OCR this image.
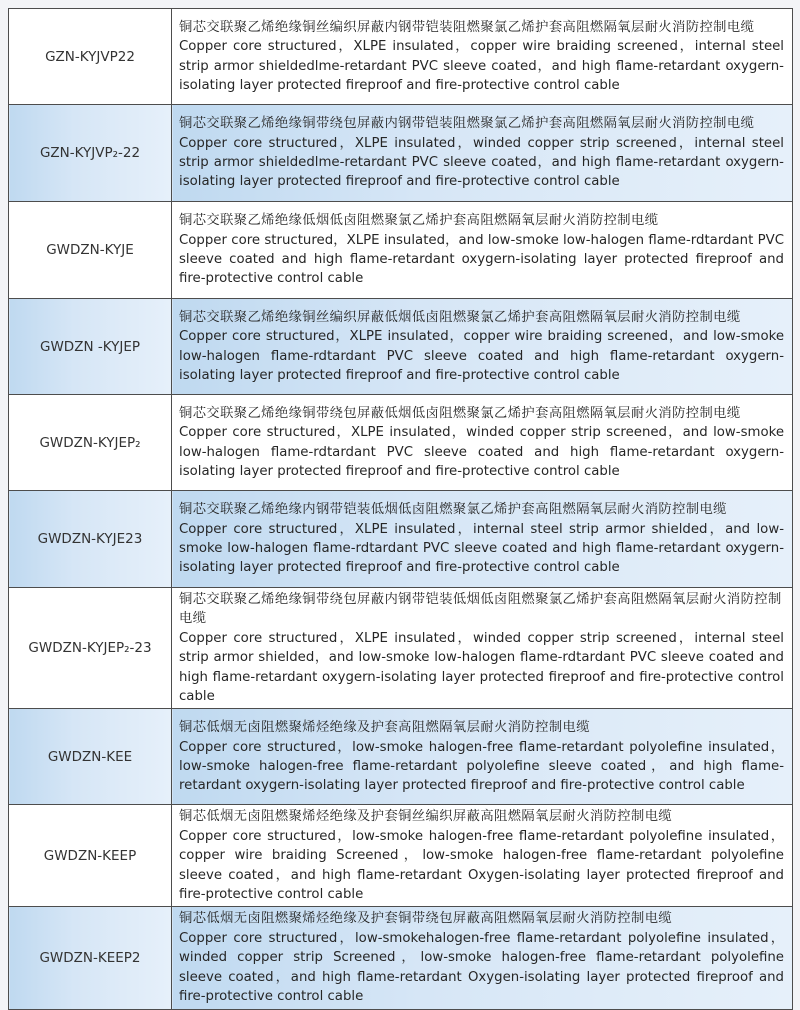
GZN-KYJVP22	铜芯交联聚乙烯绝缘铜丝编织屏蔽内钢带铠装阻燃聚氯乙烯护套高阻燃隔氧层耐火消防控制电缆
Copper core structured，XLPE insulated，copper wire braiding screened，internal steel strip armor shieldedlme-retardant PVC sleeve coated，and high flame-retardant oxygern-isolating layer protected fireproof and fire-protective control cable

GZN-KYJVP₂-22	铜芯交联聚乙烯绝缘铜带绕包屏蔽内钢带铠装阻燃聚氯乙烯护套高阻燃隔氧层耐火消防控制电缆
Copper core structured，XLPE insulated，winded copper strip screened，internal steel strip armor shieldedlme-retardant PVC sleeve coated，and high flame-retardant oxygern-isolating layer protected fireproof and fire-protective control cable

GWDZN-KYJE	铜芯交联聚乙烯绝缘低烟低卤阻燃聚氯乙烯护套高阻燃隔氧层耐火消防控制电缆
Copper core structured，XLPE insulated，and low-smoke low-halogen flame-rdtardant PVC sleeve coated and high flame-retardant oxygern-isolating layer protected fireproof and fire-protective control cable

GWDZN -KYJEP	铜芯交联聚乙烯绝缘铜丝编织屏蔽低烟低卤阻燃聚氯乙烯护套高阻燃隔氧层耐火消防控制电缆
Copper core structured，XLPE insulated，copper wire braiding screened，and low-smoke low-halogen flame-rdtardant PVC sleeve coated and high flame-retardant oxygern-isolating layer protected fireproof and fire-protective control cable

GWDZN-KYJEP₂	铜芯交联聚乙烯绝缘铜带绕包屏蔽低烟低卤阻燃聚氯乙烯护套高阻燃隔氧层耐火消防控制电缆
Copper core structured，XLPE insulated，winded copper strip screened，and low-smoke low-halogen flame-rdtardant PVC sleeve coated and high flame-retardant oxygern-isolating layer protected fireproof and fire-protective control cable

GWDZN-KYJE23	铜芯交联聚乙烯绝缘内钢带铠装低烟低卤阻燃聚氯乙烯护套高阻燃隔氧层耐火消防控制电缆
Copper core structured，XLPE insulated，internal steel strip armor shielded，and low-smoke low-halogen flame-rdtardant PVC sleeve coated and high flame-retardant oxygern-isolating layer protected fireproof and fire-protective control cable

GWDZN-KYJEP₂-23	铜芯交联聚乙烯绝缘铜带绕包屏蔽内钢带铠装低烟低卤阻燃聚氯乙烯护套高阻燃隔氧层耐火消防控制电缆
Copper core structured，XLPE insulated，winded copper strip screened，internal steel strip armor shielded，and low-smoke low-halogen flame-rdtardant PVC sleeve coated and high flame-retardant oxygern-isolating layer protected fireproof and fire-protective control cable

GWDZN-KEE	铜芯低烟无卤阻燃聚烯烃绝缘及护套高阻燃隔氧层耐火消防控制电缆
Copper core structured，low-smoke halogen-free flame-retardant polyolefine insulated，low-smoke halogen-free flame-retardant polyolefine sleeve coated，and high flame-retardant oxygern-isolating layer protected fireproof and fire-protective control cable

GWDZN-KEEP	铜芯低烟无卤阻燃聚烯烃绝缘及护套铜丝编织屏蔽高阻燃隔氧层耐火消防控制电缆
Copper core structured，low-smoke halogen-free flame-retardant polyolefine insulated，copper wire braiding Screened，low-smoke halogen-free flame-retardant polyolefine sleeve coated，and high flame-retardant Oxygen-isolating layer protected fireproof and fire-protective control cable

GWDZN-KEEP2	铜芯低烟无卤阻燃聚烯烃绝缘及护套铜带绕包屏蔽高阻燃隔氧层耐火消防控制电缆
Copper core structured，low-smokehalogen-free flame-retardant polyolefine insulated，winded copper strip Screened，low-smoke halogen-free flame-retardant polyolefine sleeve coated，and high flame-retardant Oxygen-isolating layer protected fireproof and fire-protective control cable
